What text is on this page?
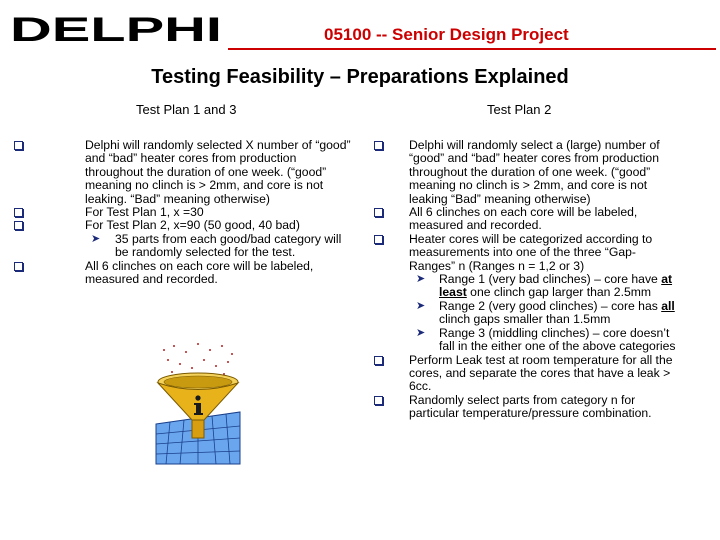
DELPHI	05100 -- Senior Design Project
Testing Feasibility – Preparations Explained
Test Plan 1 and 3	Test Plan 2
Delphi will randomly selected X number of “good” and “bad” heater cores from production throughout the duration of one week. (“good” meaning no clinch is > 2mm, and core is not leaking. “Bad” meaning otherwise)
For Test Plan 1, x =30
For Test Plan 2, x=90 (50 good, 40 bad)
➤ 35 parts from each good/bad category will be randomly selected for the test.
All 6 clinches on each core will be labeled, measured and recorded.
Delphi will randomly select a (large) number of “good” and “bad” heater cores from production throughout the duration of one week. (“good” meaning no clinch is > 2mm, and core is not leaking “Bad” meaning otherwise)
All 6 clinches on each core will be labeled, measured and recorded.
Heater cores will be categorized according to measurements into one of the three “Gap-Ranges” n (Ranges n = 1,2 or 3)
➤ Range 1 (very bad clinches) – core have at least one clinch gap larger than 2.5mm
➤ Range 2 (very good clinches) – core has all clinch gaps smaller than 1.5mm
➤ Range 3 (middling clinches) – core doesn’t fall in the either one of the above categories
Perform Leak test at room temperature for all the cores, and separate the cores that have a leak > 6cc.
Randomly select parts from category n for particular temperature/pressure combination.
